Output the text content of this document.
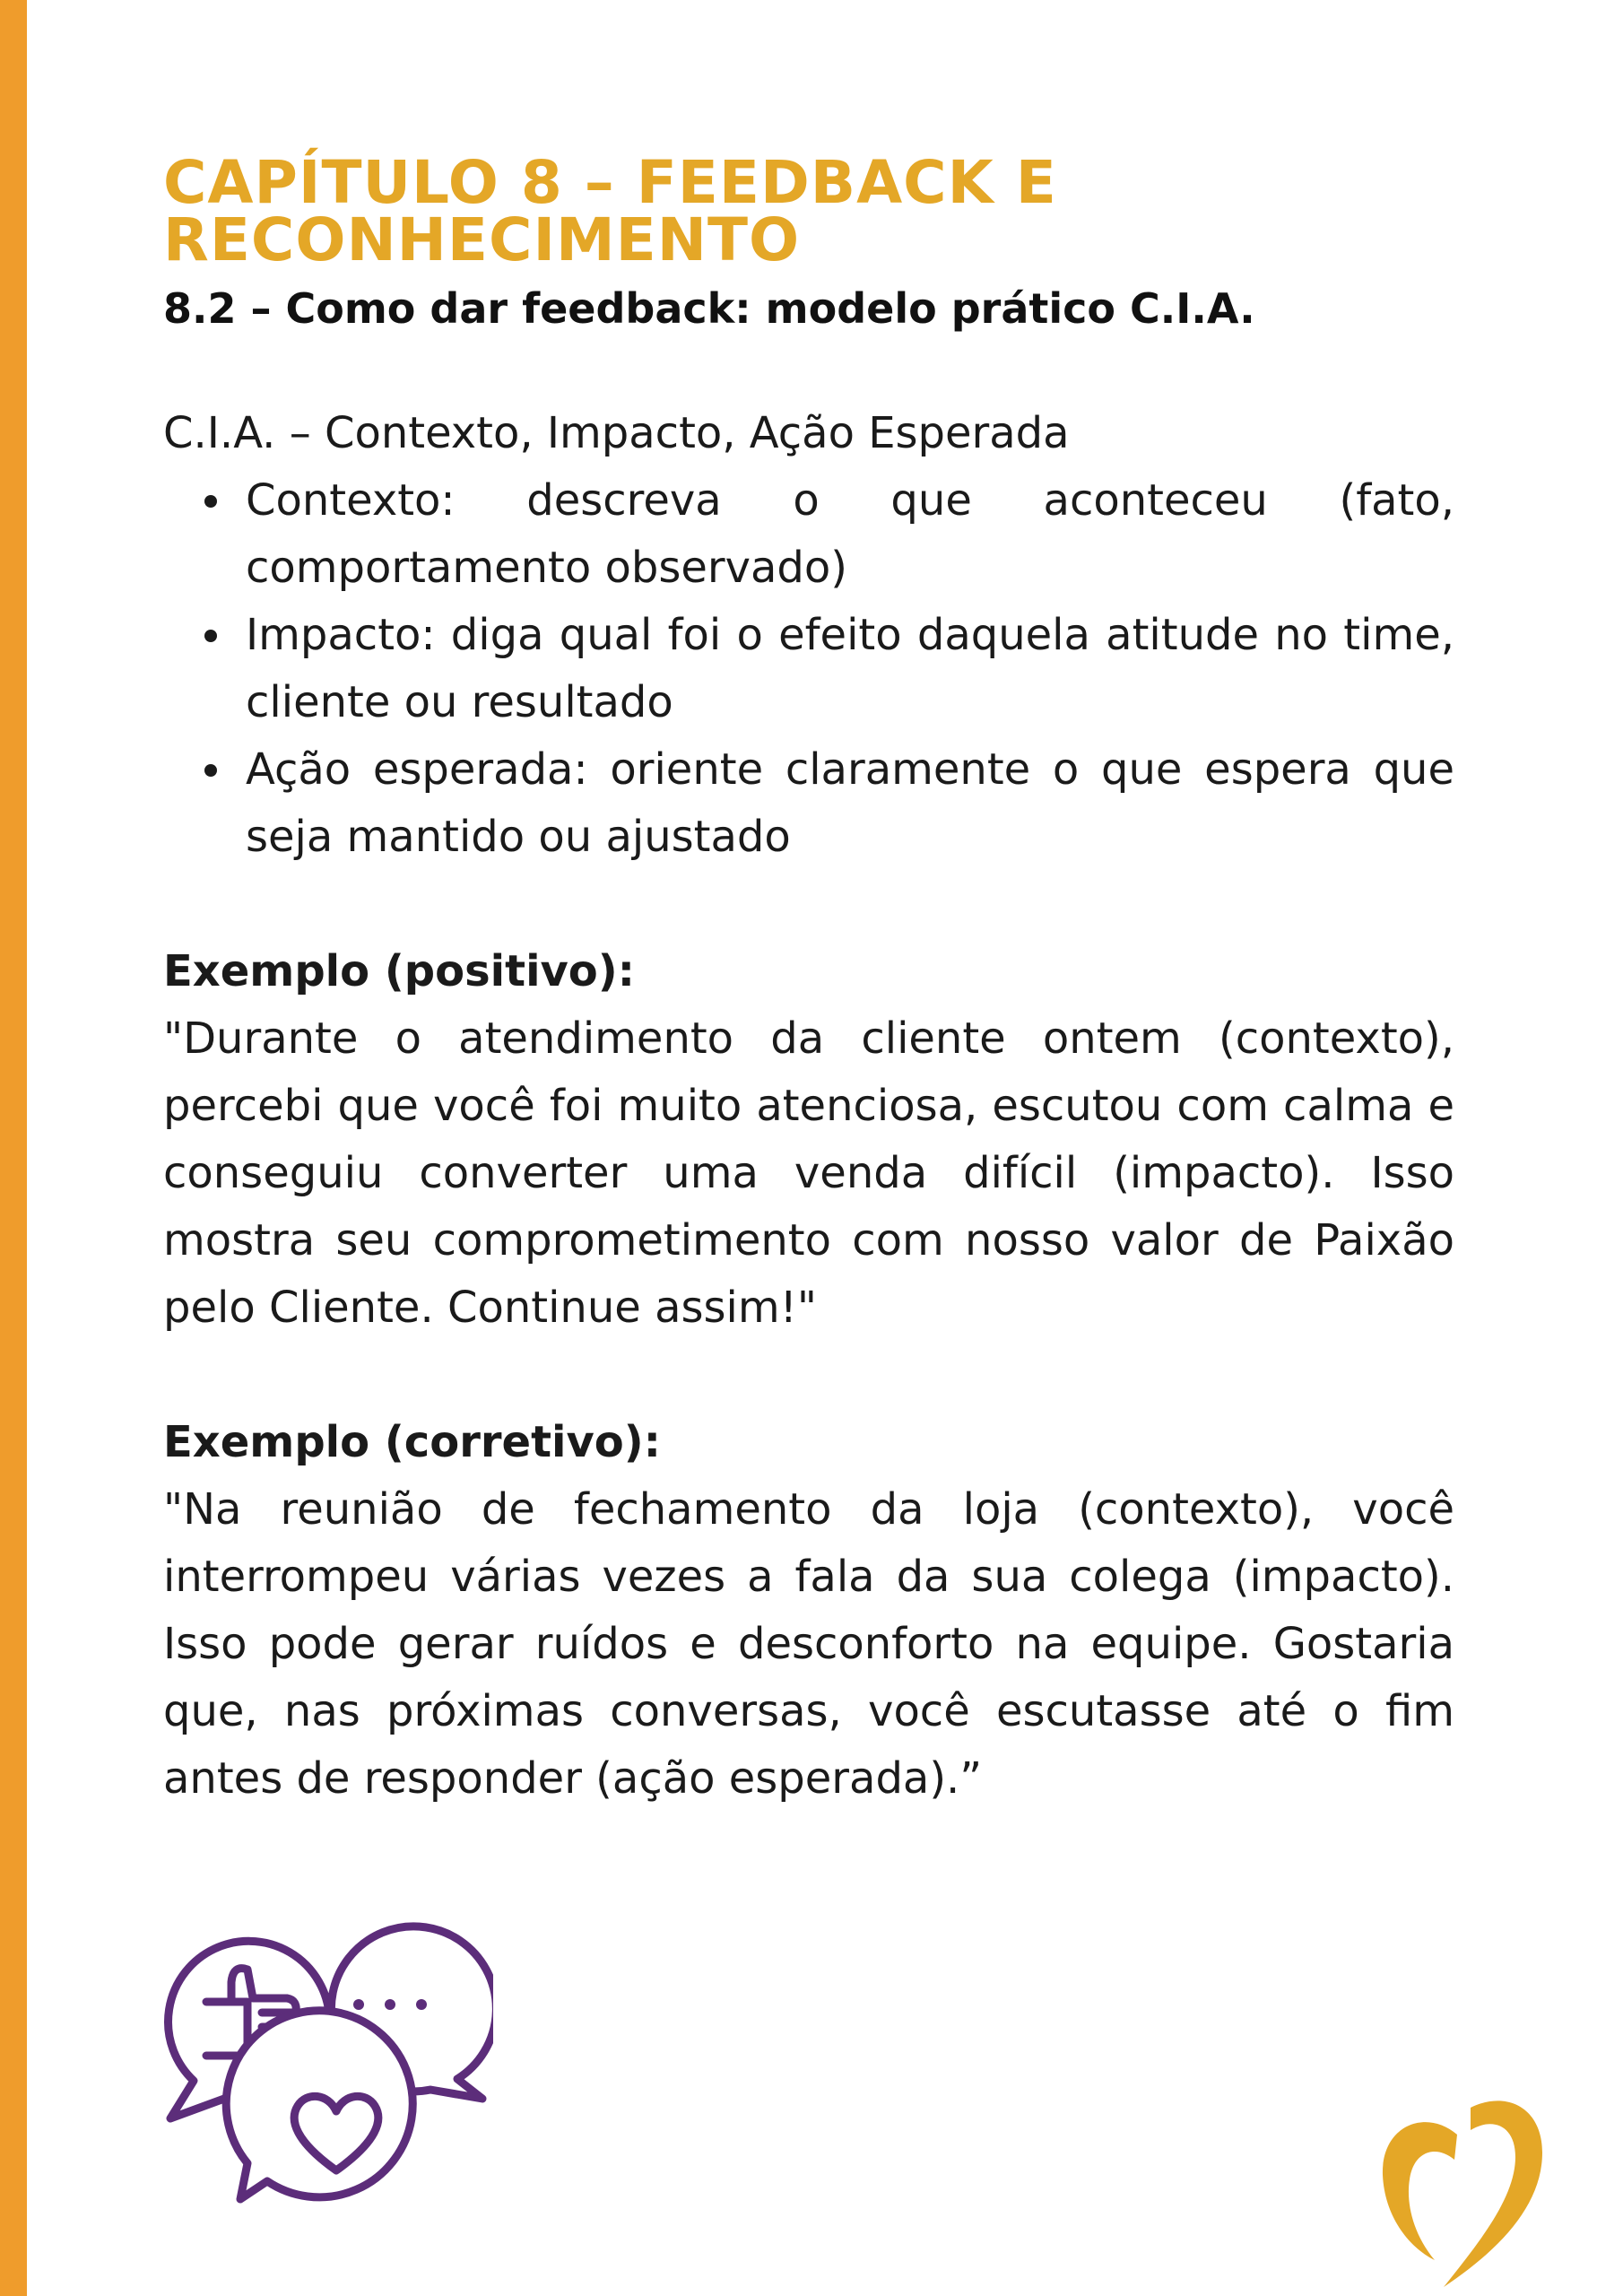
CAPÍTULO 8 – FEEDBACK E
RECONHECIMENTO
8.2 – Como dar feedback: modelo prático C.I.A.

C.I.A. – Contexto, Impacto, Ação Esperada

Contexto: descreva o que aconteceu (fato, comportamento observado)
Impacto: diga qual foi o efeito daquela atitude no time, cliente ou resultado
Ação esperada: oriente claramente o que espera que seja mantido ou ajustado

Exemplo (positivo):

"Durante o atendimento da cliente ontem (contexto), percebi que você foi muito atenciosa, escutou com calma e conseguiu converter uma venda difícil (impacto). Isso mostra seu comprometimento com nosso valor de Paixão pelo Cliente. Continue assim!"

Exemplo (corretivo):

"Na reunião de fechamento da loja (contexto), você interrompeu várias vezes a fala da sua colega (impacto). Isso pode gerar ruídos e desconforto na equipe. Gostaria que, nas próximas conversas, você escutasse até o fim antes de responder (ação esperada).”
